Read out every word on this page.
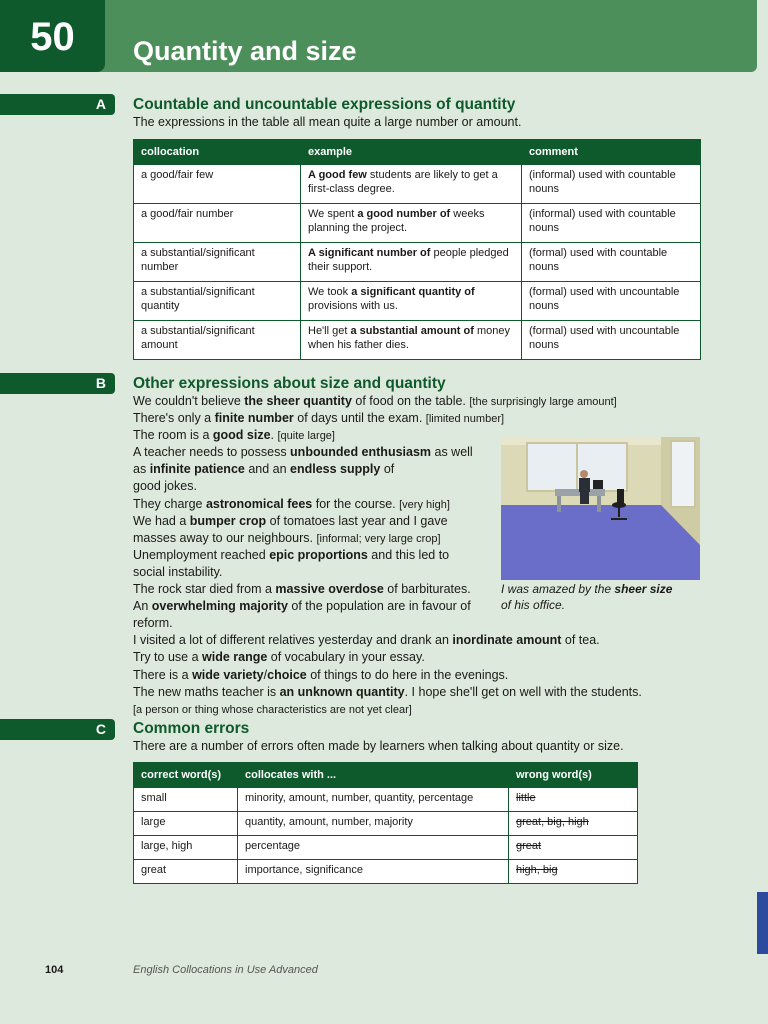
50 Quantity and size
A	Countable and uncountable expressions of quantity
The expressions in the table all mean quite a large number or amount.
collocation	example	comment
a good/fair few	A good few students are likely to get a first-class degree.	(informal) used with countable nouns
a good/fair number	We spent a good number of weeks planning the project.	(informal) used with countable nouns
a substantial/significant number	A significant number of people pledged their support.	(formal) used with countable nouns
a substantial/significant quantity	We took a significant quantity of provisions with us.	(formal) used with uncountable nouns
a substantial/significant amount	He'll get a substantial amount of money when his father dies.	(formal) used with uncountable nouns
B	Other expressions about size and quantity
We couldn't believe the sheer quantity of food on the table. [the surprisingly large amount]
There's only a finite number of days until the exam. [limited number]
The room is a good size. [quite large]
A teacher needs to possess unbounded enthusiasm as well
as infinite patience and an endless supply of
good jokes.
They charge astronomical fees for the course. [very high]
We had a bumper crop of tomatoes last year and I gave
masses away to our neighbours. [informal; very large crop]
Unemployment reached epic proportions and this led to
social instability.
The rock star died from a massive overdose of barbiturates.
An overwhelming majority of the population are in favour of
reform.
I visited a lot of different relatives yesterday and drank an inordinate amount of tea.
Try to use a wide range of vocabulary in your essay.
There is a wide variety/choice of things to do here in the evenings.
The new maths teacher is an unknown quantity. I hope she'll get on well with the students.
[a person or thing whose characteristics are not yet clear]
I was amazed by the sheer size
of his office.
C	Common errors
There are a number of errors often made by learners when talking about quantity or size.
correct word(s)	collocates with ...	wrong word(s)
small	minority, amount, number, quantity, percentage	little
large	quantity, amount, number, majority	great, big, high
large, high	percentage	great
great	importance, significance	high, big
104	English Collocations in Use Advanced
